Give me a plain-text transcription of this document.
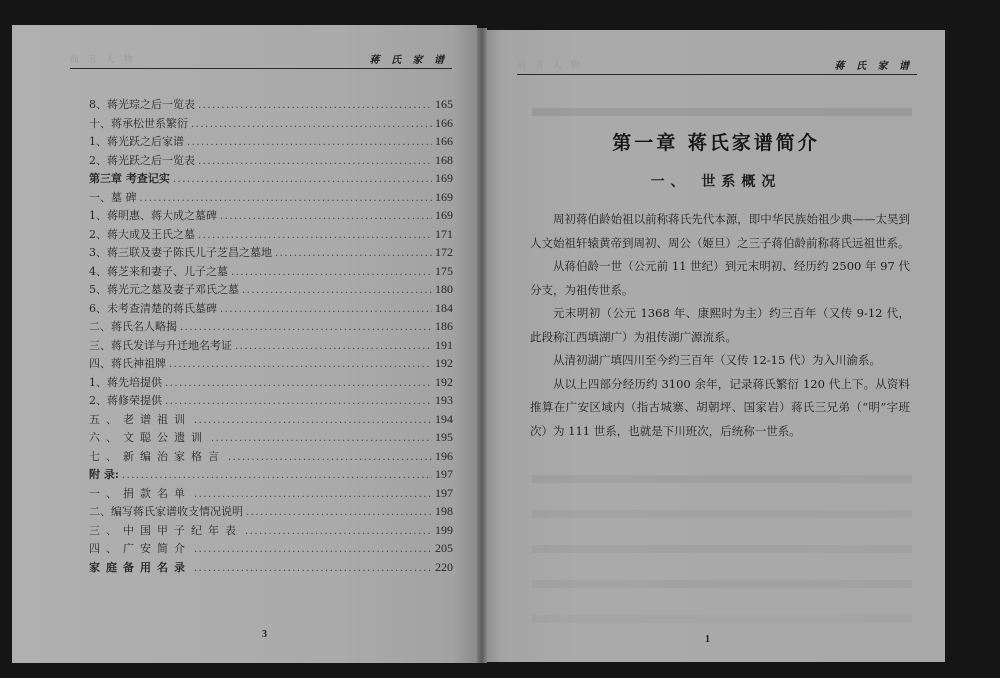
前 言 人 物	蒋 氏 家 谱
8、蒋光琮之后一览表 .....	165
十、蒋承松世系繁衍 .....	166
1、蒋光跃之后家谱 .....	166
2、蒋光跃之后一览表 .....	168
第三章 考查记实 .....	169
一、墓 碑 .....	169
1、蒋明惠、蒋大成之墓碑 .....	169
2、蒋大成及王氏之墓 .....	171
3、蒋三联及妻子陈氏儿子芝昌之墓地 .....	172
4、蒋芝来和妻子、儿子之墓 .....	175
5、蒋光元之墓及妻子邓氏之墓 .....	180
6、未考查清楚的蒋氏墓碑 .....	184
二、蒋氏名人略揭 .....	186
三、蒋氏发详与升迁地名考证 .....	191
四、蒋氏神祖牌 .....	192
1、蒋先培提供 .....	192
2、蒋修荣提供 .....	193
五、老谱祖训 .....	194
六、文聪公遗训 .....	195
七、新编治家格言 .....	196
附 录: .....	197
一、捐款名单 .....	197
二、编写蒋氏家谱收支情况说明 .....	198
三、中国甲子纪年表 .....	199
四、广安简介 .....	205
家庭备用名录 .....	220
3
前 言 人 物	蒋 氏 家 谱
第一章 蒋氏家谱简介
一、 世系概况

周初蒋伯龄始祖以前称蒋氏先代本源，即中华民族始祖少典——太昊到人文始祖轩辕黄帝到周初、周公（姬旦）之三子蒋伯龄前称蒋氏远祖世系。

从蒋伯龄一世（公元前 11 世纪）到元末明初、经历约 2500 年 97 代分支，为祖传世系。

元末明初（公元 1368 年、康熙时为主）约三百年（又传 9-12 代，此段称江西填湖广）为祖传湖广源流系。

从清初湖广填四川至今约三百年（又传 12-15 代）为入川渝系。

从以上四部分经历约 3100 余年，记录蒋氏繁衍 120 代上下。从资料推算在广安区域内（指古城寨、胡朝坪、国家岩）蒋氏三兄弟（“明”字班次）为 111 世系，也就是下川班次，后统称一世系。

1
